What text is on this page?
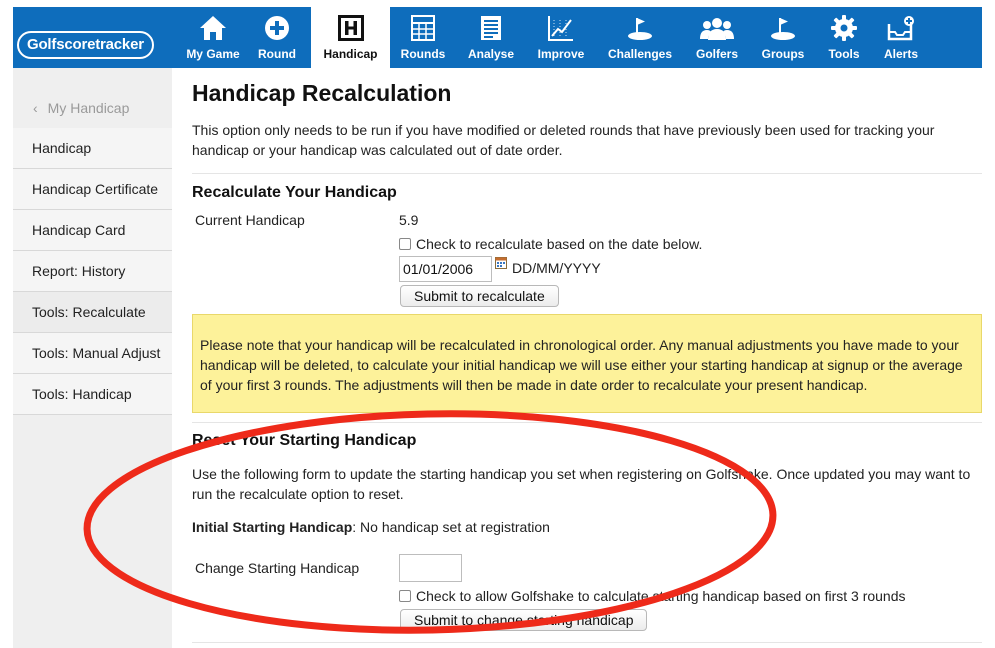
Golfscoretracker
My Game Round Handicap Rounds Analyse Improve Challenges Golfers Groups Tools Alerts
‹ My Handicap
Handicap
Handicap Certificate
Handicap Card
Report: History
Tools: Recalculate
Tools: Manual Adjust
Tools: Handicap
Handicap Recalculation
This option only needs to be run if you have modified or deleted rounds that have previously been used for tracking your handicap or your handicap was calculated out of date order.
Recalculate Your Handicap
Current Handicap	5.9
Check to recalculate based on the date below.
01/01/2006	DD/MM/YYYY
Submit to recalculate
Please note that your handicap will be recalculated in chronological order. Any manual adjustments you have made to your handicap will be deleted, to calculate your initial handicap we will use either your starting handicap at signup or the average of your first 3 rounds. The adjustments will then be made in date order to recalculate your present handicap.
Reset Your Starting Handicap
Use the following form to update the starting handicap you set when registering on Golfshake. Once updated you may want to run the recalculate option to reset.
Initial Starting Handicap: No handicap set at registration
Change Starting Handicap
Check to allow Golfshake to calculate starting handicap based on first 3 rounds
Submit to change starting handicap
